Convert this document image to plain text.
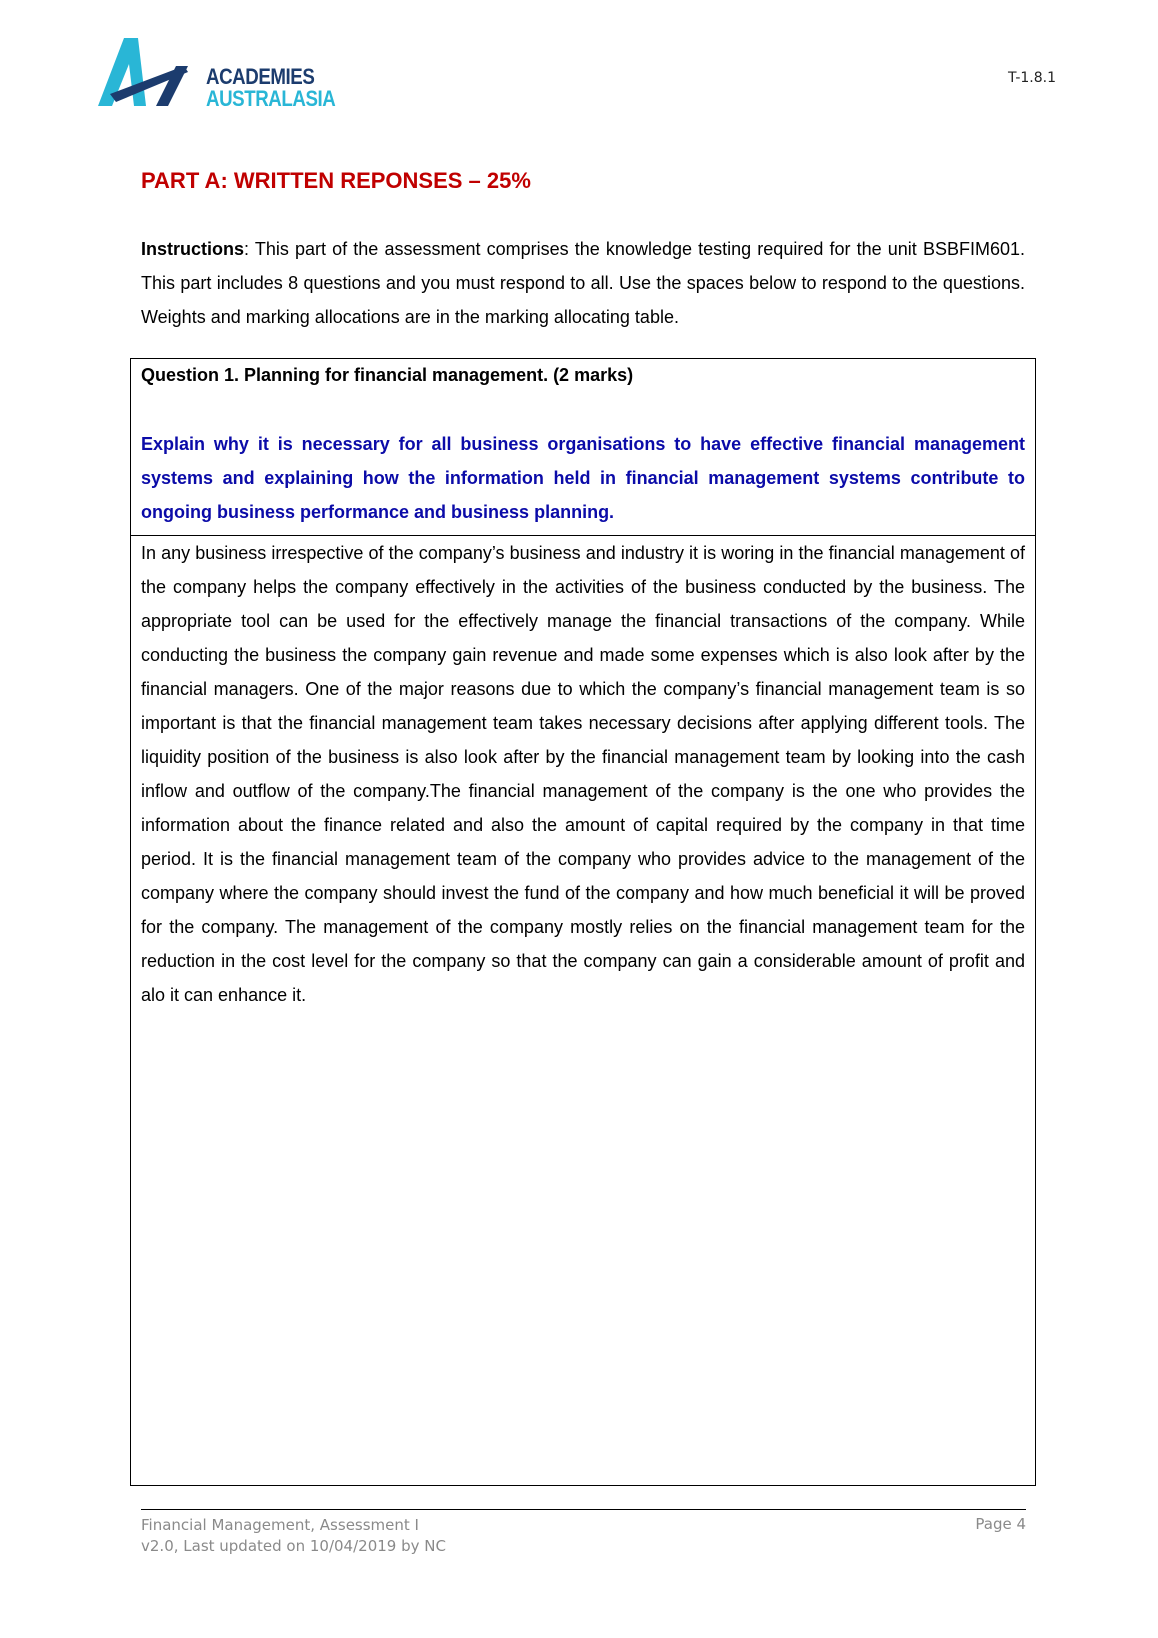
ACADEMIES
AUSTRALASIA
T-1.8.1
PART A: WRITTEN REPONSES – 25%
Instructions: This part of the assessment comprises the knowledge testing required for the unit BSBFIM601. This part includes 8 questions and you must respond to all. Use the spaces below to respond to the questions. Weights and marking allocations are in the marking allocating table.
Question 1. Planning for financial management. (2 marks)
Explain why it is necessary for all business organisations to have effective financial management systems and explaining how the information held in financial management systems contribute to ongoing business performance and business planning.
In any business irrespective of the company’s business and industry it is woring in the financial management of the company helps the company effectively in the activities of the business conducted by the business. The appropriate tool can be used for the effectively manage the financial transactions of the company. While conducting the business the company gain revenue and made some expenses which is also look after by the financial managers. One of the major reasons due to which the company’s financial management team is so important is that the financial management team takes necessary decisions after applying different tools. The liquidity position of the business is also look after by the financial management team by looking into the cash inflow and outflow of the company.The financial management of the company is the one who provides the information about the finance related and also the amount of capital required by the company in that time period. It is the financial management team of the company who provides advice to the management of the company where the company should invest the fund of the company and how much beneficial it will be proved for the company. The management of the company mostly relies on the financial management team for the reduction in the cost level for the company so that the company can gain a considerable amount of profit and alo it can enhance it.
Financial Management, Assessment I
v2.0, Last updated on 10/04/2019 by NC
Page 4
